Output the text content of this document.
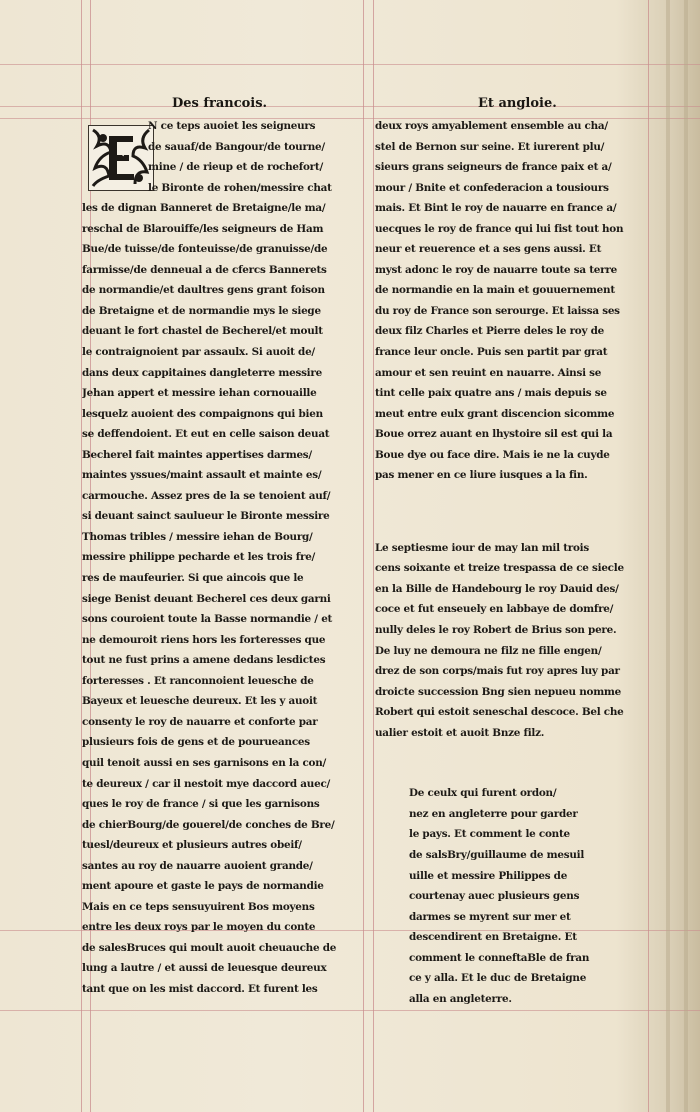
Des francois.	Et angloie.
N ce teps auoiet les seigneurs
de sauaf/de Bangour/de tourne/
mine / de rieup et de rochefort/
le Bironte de rohen/messire chat
les de dignan Banneret de Bretaigne/le ma/
reschal de Blarouiffe/les seigneurs de Ham
Bue/de tuisse/de fonteuisse/de granuisse/de
farmisse/de denneual a de cfercs Bannerets
de normandie/et daultres gens grant foison
de Bretaigne et de normandie mys le siege
deuant le fort chastel de Becherel/et moult
le contraignoient par assaulx. Si auoit de/
dans deux cappitaines dangleterre messire
Jehan appert et messire iehan cornouaille
lesquelz auoient des compaignons qui bien
se deffendoient. Et eut en celle saison deuat
Becherel fait maintes appertises darmes/
maintes yssues/maint assault et mainte es/
carmouche. Assez pres de la se tenoient auf/
si deuant sainct saulueur le Bironte messire
Thomas tribles / messire iehan de Bourg/
messire philippe pecharde et les trois fre/
res de maufeurier. Si que aincois que le
siege Benist deuant Becherel ces deux garni
sons couroient toute la Basse normandie / et
ne demouroit riens hors les forteresses que
tout ne fust prins a amene dedans lesdictes
forteresses . Et ranconnoient leuesche de
Bayeux et leuesche deureux. Et les y auoit
consenty le roy de nauarre et conforte par
plusieurs fois de gens et de pourueances
quil tenoit aussi en ses garnisons en la con/
te deureux / car il nestoit mye daccord auec/
ques le roy de france / si que les garnisons
de chierBourg/de gouerel/de conches de Bre/
tuesl/deureux et plusieurs autres obeif/
santes au roy de nauarre auoient grande/
ment apoure et gaste le pays de normandie
Mais en ce teps sensuyuirent Bos moyens
entre les deux roys par le moyen du conte
de salesBruces qui moult auoit cheuauche de
lung a lautre / et aussi de leuesque deureux
tant que on les mist daccord. Et furent les
deux roys amyablement ensemble au cha/
stel de Bernon sur seine. Et iurerent plu/
sieurs grans seigneurs de france paix et a/
mour / Bnite et confederacion a tousiours
mais. Et Bint le roy de nauarre en france a/
uecques le roy de france qui lui fist tout hon
neur et reuerence et a ses gens aussi. Et
myst adonc le roy de nauarre toute sa terre
de normandie en la main et gouuernement
du roy de France son serourge. Et laissa ses
deux filz Charles et Pierre deles le roy de
france leur oncle. Puis sen partit par grat
amour et sen reuint en nauarre. Ainsi se
tint celle paix quatre ans / mais depuis se
meut entre eulx grant discencion sicomme
Boue orrez auant en lhystoire sil est qui la
Boue dye ou face dire. Mais ie ne la cuyde
pas mener en ce liure iusques a la fin.
Le septiesme iour de may lan mil trois
cens soixante et treize trespassa de ce siecle
en la Bille de Handebourg le roy Dauid des/
coce et fut enseuely en labbaye de domfre/
nully deles le roy Robert de Brius son pere.
De luy ne demoura ne filz ne fille engen/
drez de son corps/mais fut roy apres luy par
droicte succession Bng sien nepueu nomme
Robert qui estoit seneschal descoce. Bel che
ualier estoit et auoit Bnze filz.
De ceulx qui furent ordon/
nez en angleterre pour garder
le pays. Et comment le conte
de salsBry/guillaume de mesuil
uille et messire Philippes de
courtenay auec plusieurs gens
darmes se myrent sur mer et
descendirent en Bretaigne. Et
comment le conneftaBle de fran
ce y alla. Et le duc de Bretaigne
alla en angleterre.
